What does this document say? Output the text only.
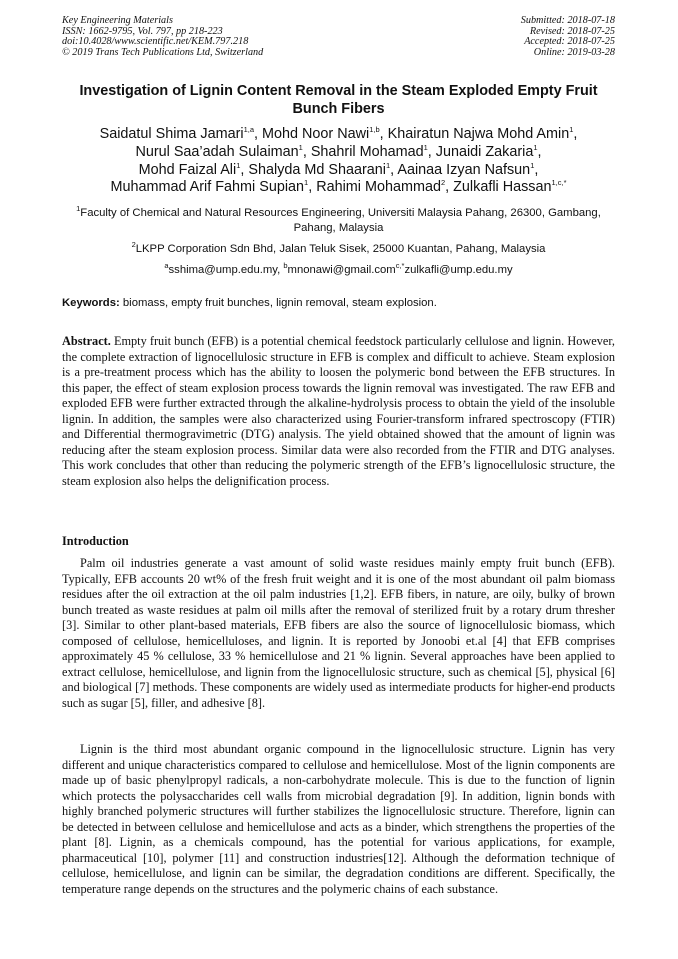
Key Engineering Materials
ISSN: 1662-9795, Vol. 797, pp 218-223
doi:10.4028/www.scientific.net/KEM.797.218
© 2019 Trans Tech Publications Ltd, Switzerland
Submitted: 2018-07-18
Revised: 2018-07-25
Accepted: 2018-07-25
Online: 2019-03-28
Investigation of Lignin Content Removal in the Steam Exploded Empty Fruit Bunch Fibers
Saidatul Shima Jamari$^{1,a}$, Mohd Noor Nawi$^{1,b}$, Khairatun Najwa Mohd Amin$^1$,
Nurul Saa’adah Sulaiman$^1$, Shahril Mohamad$^1$, Junaidi Zakaria$^1$,
Mohd Faizal Ali$^1$, Shalyda Md Shaarani$^1$, Aainaa Izyan Nafsun$^1$,
Muhammad Arif Fahmi Supian$^1$, Rahimi Mohammad$^2$, Zulkafli Hassan$^{1,c,*}$
$^1$Faculty of Chemical and Natural Resources Engineering, Universiti Malaysia Pahang, 26300, Gambang, Pahang, Malaysia
$^2$LKPP Corporation Sdn Bhd, Jalan Teluk Sisek, 25000 Kuantan, Pahang, Malaysia
$^a$sshima@ump.edu.my, $^b$mnonawi@gmail.com$^{c,*}$zulkafli@ump.edu.my
Keywords: biomass, empty fruit bunches, lignin removal, steam explosion.

Abstract. Empty fruit bunch (EFB) is a potential chemical feedstock particularly cellulose and lignin. However, the complete extraction of lignocellulosic structure in EFB is complex and difficult to achieve. Steam explosion is a pre-treatment process which has the ability to loosen the polymeric bond between the EFB structures. In this paper, the effect of steam explosion process towards the lignin removal was investigated. The raw EFB and exploded EFB were further extracted through the alkaline-hydrolysis process to obtain the yield of the insoluble lignin. In addition, the samples were also characterized using Fourier-transform infrared spectroscopy (FTIR) and Differential thermogravimetric (DTG) analysis. The yield obtained showed that the amount of lignin was reducing after the steam explosion process. Similar data were also recorded from the FTIR and DTG analyses. This work concludes that other than reducing the polymeric strength of the EFB’s lignocellulosic structure, the steam explosion also helps the delignification process.

Introduction

Palm oil industries generate a vast amount of solid waste residues mainly empty fruit bunch (EFB). Typically, EFB accounts 20 wt% of the fresh fruit weight and it is one of the most abundant oil palm biomass residues after the oil extraction at the oil palm industries [1,2]. EFB fibers, in nature, are oily, bulky of brown bunch treated as waste residues at palm oil mills after the removal of sterilized fruit by a rotary drum thresher [3]. Similar to other plant-based materials, EFB fibers are also the source of lignocellulosic biomass, which composed of cellulose, hemicelluloses, and lignin. It is reported by Jonoobi et.al [4] that EFB comprises approximately 45 % cellulose, 33 % hemicellulose and 21 % lignin. Several approaches have been applied to extract cellulose, hemicellulose, and lignin from the lignocellulosic structure, such as chemical [5], physical [6] and biological [7] methods. These components are widely used as intermediate products for higher-end products such as sugar [5], filler, and adhesive [8].

Lignin is the third most abundant organic compound in the lignocellulosic structure. Lignin has very different and unique characteristics compared to cellulose and hemicellulose. Most of the lignin components are made up of basic phenylpropyl radicals, a non-carbohydrate molecule. This is due to the function of lignin which protects the polysaccharides cell walls from microbial degradation [9]. In addition, lignin bonds with highly branched polymeric structures will further stabilizes the lignocellulosic structure. Therefore, lignin can be detected in between cellulose and hemicellulose and acts as a binder, which strengthens the properties of the plant [8]. Lignin, as a chemicals compound, has the potential for various applications, for example, pharmaceutical [10], polymer [11] and construction industries[12]. Although the deformation technique of cellulose, hemicellulose, and lignin can be similar, the degradation conditions are different. Specifically, the temperature range depends on the structures and the polymeric chains of each substance.
